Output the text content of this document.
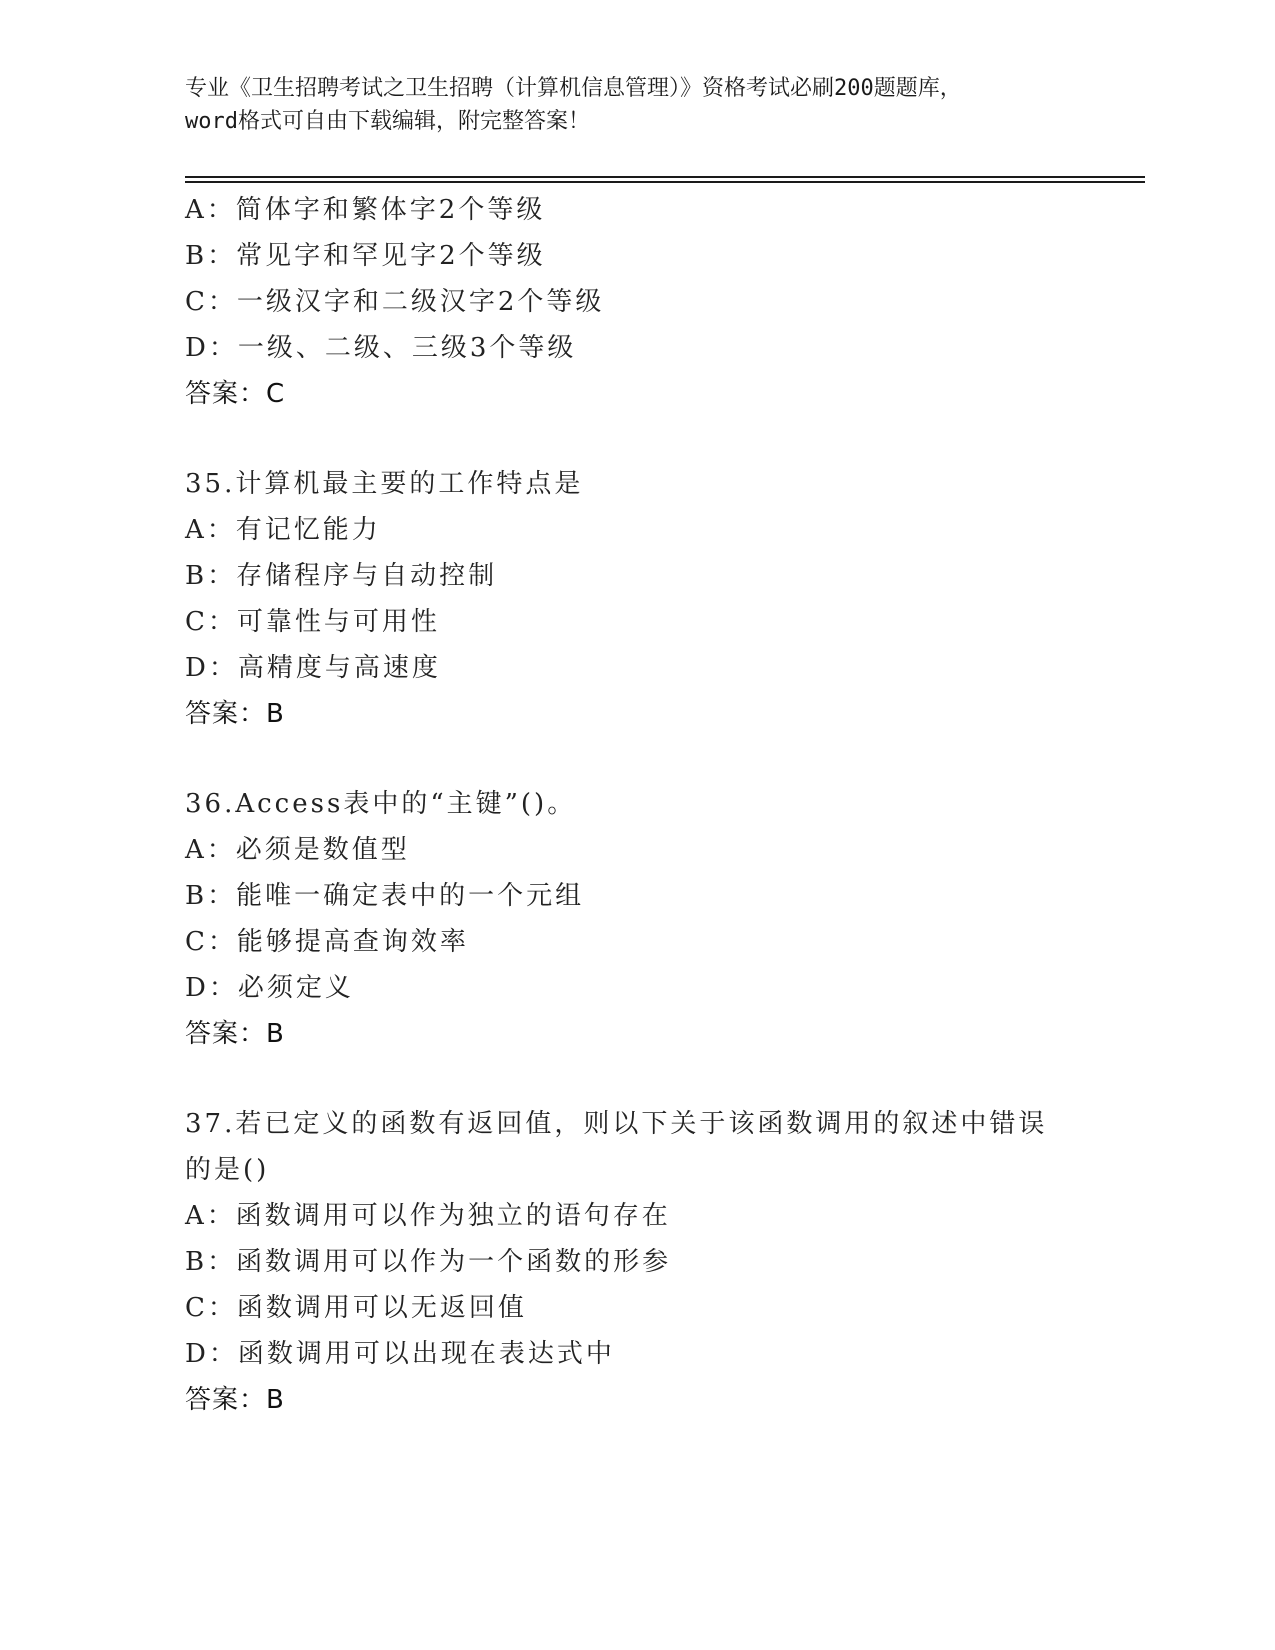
专业《卫生招聘考试之卫生招聘（计算机信息管理）》资格考试必刷200题题库，
word格式可自由下载编辑，附完整答案！
A：简体字和繁体字2个等级
B：常见字和罕见字2个等级
C：一级汉字和二级汉字2个等级
D：一级、二级、三级3个等级
答案：C
35.计算机最主要的工作特点是
A：有记忆能力
B：存储程序与自动控制
C：可靠性与可用性
D：高精度与高速度
答案：B
36.Access表中的“主键”()。
A：必须是数值型
B：能唯一确定表中的一个元组
C：能够提高查询效率
D：必须定义
答案：B
37.若已定义的函数有返回值，则以下关于该函数调用的叙述中错误的是()
A：函数调用可以作为独立的语句存在
B：函数调用可以作为一个函数的形参
C：函数调用可以无返回值
D：函数调用可以出现在表达式中
答案：B
